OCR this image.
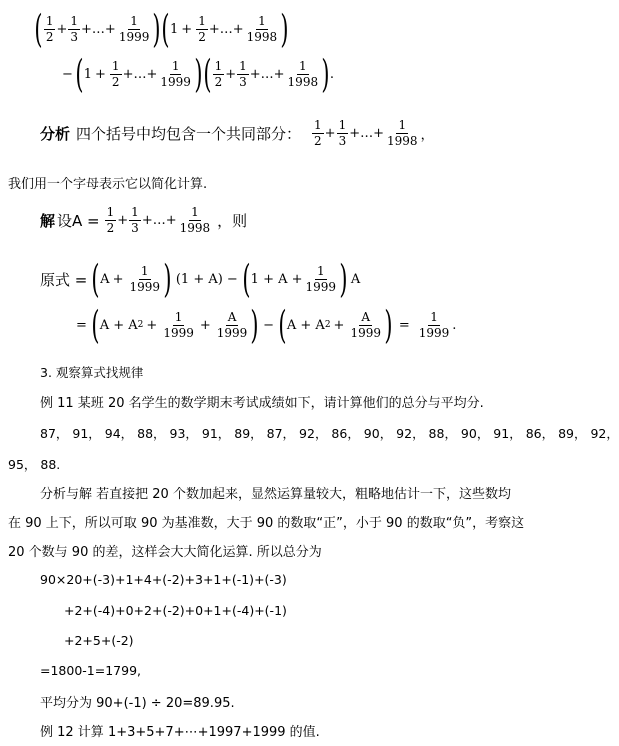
( 1
$2 + \frac{1}{3}$ +…+ $\frac{1}{1999}$ ) ( $1 + \frac{1}{2}$ +…+ $\frac{1}{1998}$ )
− ( $1 + \frac{1}{2}$ +…+ $\frac{1}{1999}$ ) ( 1
$2 + \frac{1}{3}$ +…+ $\frac{1}{1998}$ ) .
分析 四个括号中均包含一个共同部分： 1
$2 + \frac{1}{3}$ +…+ $\frac{1}{1998}$ ，
我们用一个字母表示它以简化计算.
解 设A = 1
$2 + \frac{1}{3}$ +…+ $\frac{1}{1998}$ ，则
原式 = ( $A + \frac{1}{1999}$ ) (1 + A) − ( $1 + A + \frac{1}{1999}$ ) A
= ( A + A $2 + \frac{1}{1999} + \frac{A}{1999}$ ) − ( A + A $2 + \frac{A}{1999}$ ) = $\frac{1}{1999}$ .
3. 观察算式找规律
例 11 某班 20 名学生的数学期末考试成绩如下，请计算他们的总分与平均分.
87， 91， 94， 88， 93， 91， 89， 87， 92， 86， 90， 92， 88， 90， 91， 86， 89， 92，
95， 88.
分析与解 若直接把 20 个数加起来，显然运算量较大，粗略地估计一下，这些数均
在 90 上下，所以可取 90 为基准数，大于 90 的数取“正”，小于 90 的数取“负”，考察这
20 个数与 90 的差，这样会大大简化运算. 所以总分为
90×20+(-3)+1+4+(-2)+3+1+(-1)+(-3)
+2+(-4)+0+2+(-2)+0+1+(-4)+(-1)
+2+5+(-2)
=1800-1=1799,
平均分为 90+(-1) ÷ 20=89.95.
例 12 计算 1+3+5+7+⋯+1997+1999 的值.
